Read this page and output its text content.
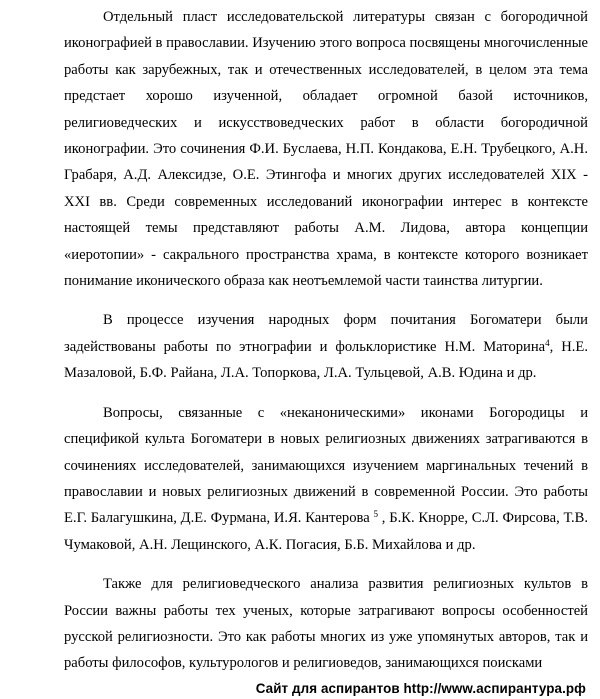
Отдельный пласт исследовательской литературы связан с богородичной иконографией в православии. Изучению этого вопроса посвящены многочисленные работы как зарубежных, так и отечественных исследователей, в целом эта тема предстает хорошо изученной, обладает огромной базой источников, религиоведческих и искусствоведческих работ в области богородичной иконографии. Это сочинения Ф.И. Буслаева, Н.П. Кондакова, Е.Н. Трубецкого, А.Н. Грабаря, А.Д. Алексидзе, О.Е. Этингофа и многих других исследователей XIX - XXI вв. Среди современных исследований иконографии интерес в контексте настоящей темы представляют работы А.М. Лидова, автора концепции «иеротопии» - сакрального пространства храма, в контексте которого возникает понимание иконического образа как неотъемлемой части таинства литургии.

В процессе изучения народных форм почитания Богоматери были задействованы работы по этнографии и фольклористике Н.М. Маторина$^4$, Н.Е. Мазаловой, Б.Ф. Райана, Л.А. Топоркова, Л.А. Тульцевой, А.В. Юдина и др.

Вопросы, связанные с «неканоническими» иконами Богородицы и спецификой культа Богоматери в новых религиозных движениях затрагиваются в сочинениях исследователей, занимающихся изучением маргинальных течений в православии и новых религиозных движений в современной России. Это работы Е.Г. Балагушкина, Д.Е. Фурмана, И.Я. Кантерова $^5$ , Б.К. Кнорре, С.Л. Фирсова, Т.В. Чумаковой, А.Н. Лещинского, А.К. Погасия, Б.Б. Михайлова и др.

Также для религиоведческого анализа развития религиозных культов в России важны работы тех ученых, которые затрагивают вопросы особенностей русской религиозности. Это как работы многих из уже упомянутых авторов, так и работы философов, культурологов и религиоведов, занимающихся поисками

Сайт для аспирантов http://www.аспирантура.рф
